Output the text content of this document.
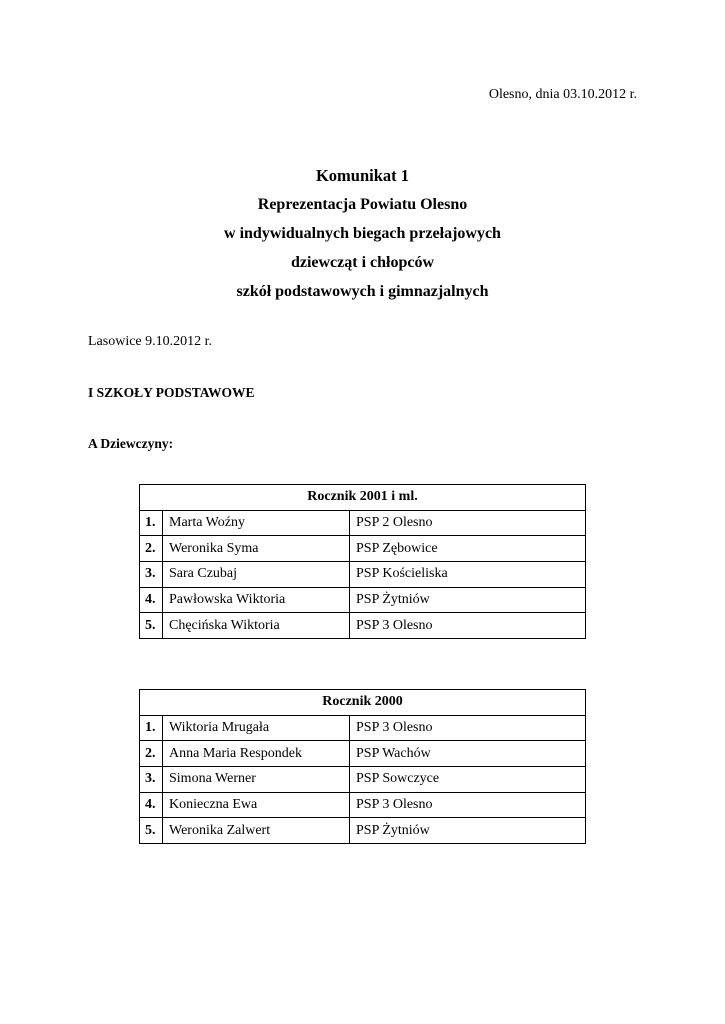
Olesno, dnia 03.10.2012 r.
Komunikat 1
Reprezentacja Powiatu Olesno
w indywidualnych biegach przełajowych
dziewcząt i chłopców
szkół podstawowych i gimnazjalnych
Lasowice 9.10.2012 r.
I SZKOŁY PODSTAWOWE
A Dziewczyny:
Rocznik 2001 i ml.		
1.	Marta Woźny	PSP 2 Olesno
2.	Weronika Syma	PSP Zębowice
3.	Sara Czubaj	PSP Kościeliska
4.	Pawłowska Wiktoria	PSP Żytniów
5.	Chęcińska Wiktoria	PSP 3 Olesno
Rocznik 2000		
1.	Wiktoria Mrugała	PSP 3 Olesno
2.	Anna Maria Respondek	PSP Wachów
3.	Simona Werner	PSP Sowczyce
4.	Konieczna Ewa	PSP 3 Olesno
5.	Weronika Zalwert	PSP Żytniów
